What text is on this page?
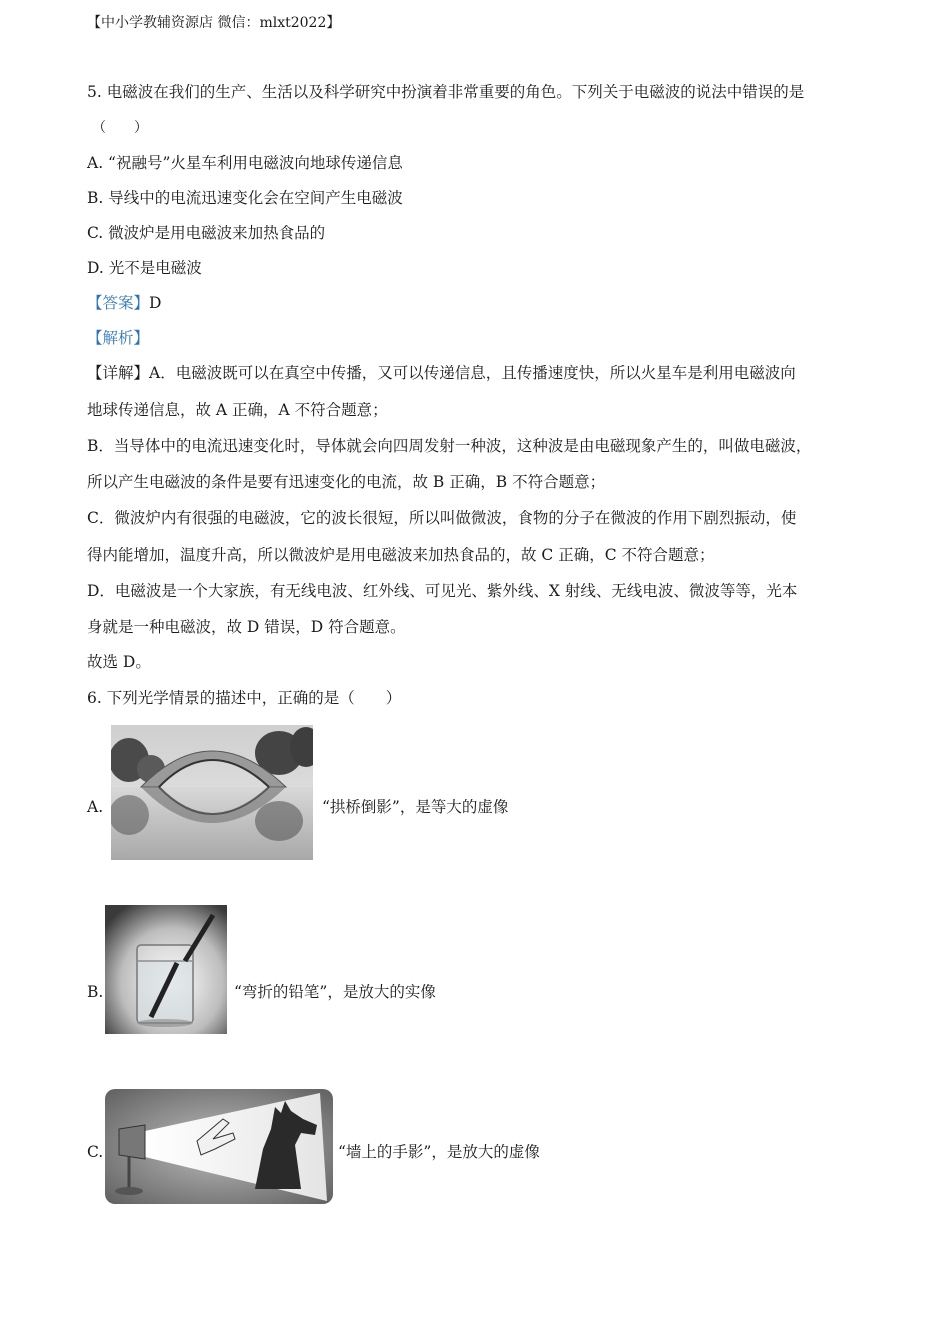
【中小学教辅资源店 微信：mlxt2022】
5. 电磁波在我们的生产、生活以及科学研究中扮演着非常重要的角色。下列关于电磁波的说法中错误的是
（　　）
A. “祝融号”火星车利用电磁波向地球传递信息
B. 导线中的电流迅速变化会在空间产生电磁波
C. 微波炉是用电磁波来加热食品的
D. 光不是电磁波
【答案】D
【解析】
【详解】A．电磁波既可以在真空中传播，又可以传递信息，且传播速度快，所以火星车是利用电磁波向
地球传递信息，故 A 正确，A 不符合题意；
B．当导体中的电流迅速变化时，导体就会向四周发射一种波，这种波是由电磁现象产生的，叫做电磁波，
所以产生电磁波的条件是要有迅速变化的电流，故 B 正确，B 不符合题意；
C．微波炉内有很强的电磁波，它的波长很短，所以叫做微波，食物的分子在微波的作用下剧烈振动，使
得内能增加，温度升高，所以微波炉是用电磁波来加热食品的，故 C 正确，C 不符合题意；
D．电磁波是一个大家族，有无线电波、红外线、可见光、紫外线、X 射线、无线电波、微波等等，光本
身就是一种电磁波，故 D 错误，D 符合题意。
故选 D。
6. 下列光学情景的描述中，正确的是（　　）
A.	“拱桥倒影”，是等大的虚像
B.	“弯折的铅笔”，是放大的实像
C.	“墙上的手影”，是放大的虚像
